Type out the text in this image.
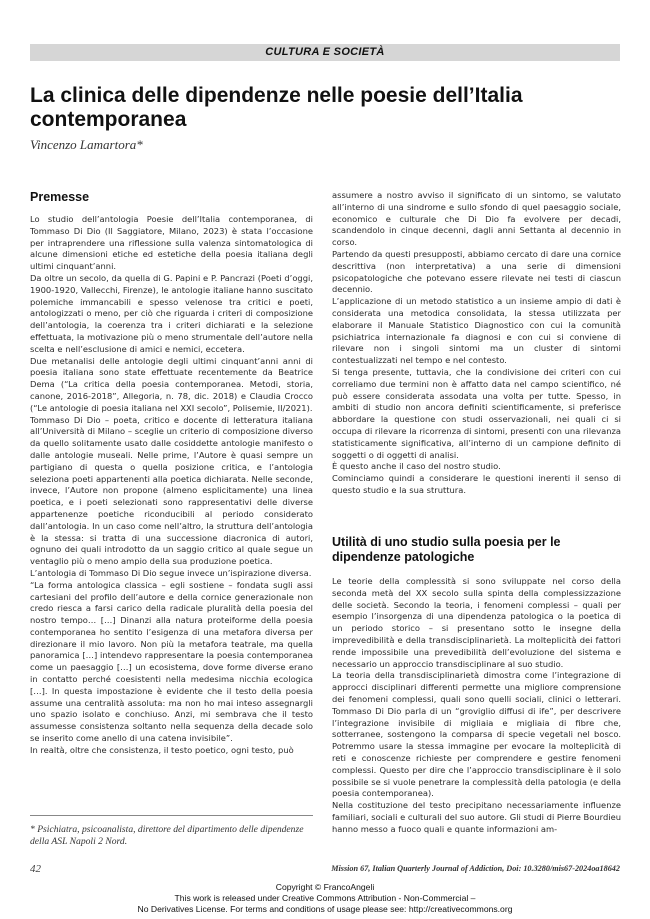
CULTURA E SOCIETÀ
La clinica delle dipendenze nelle poesie dell’Italia contemporanea
Vincenzo Lamartora*
Premesse

Lo studio dell’antologia Poesie dell’Italia contemporanea, di Tommaso Di Dio (Il Saggiatore, Milano, 2023) è stata l’occasione per intraprendere una riflessione sulla valenza sintomatologica di alcune dimensioni etiche ed estetiche della poesia italiana degli ultimi cinquant’anni.

Da oltre un secolo, da quella di G. Papini e P. Pancrazi (Poeti d’oggi, 1900-1920, Vallecchi, Firenze), le antologie italiane hanno suscitato polemiche immancabili e spesso velenose tra critici e poeti, antologizzati o meno, per ciò che riguarda i criteri di composizione dell’antologia, la coerenza tra i criteri dichiarati e la selezione effettuata, la motivazione più o meno strumentale dell’autore nella scelta e nell’esclusione di amici e nemici, eccetera.

Due metanalisi delle antologie degli ultimi cinquant’anni anni di poesia italiana sono state effettuate recentemente da Beatrice Dema (“La critica della poesia contemporanea. Metodi, storia, canone, 2016-2018”, Allegoria, n. 78, dic. 2018) e Claudia Crocco (“Le antologie di poesia italiana nel XXI secolo”, Polisemie, II/2021).

Tommaso Di Dio – poeta, critico e docente di letteratura italiana all’Università di Milano – sceglie un criterio di composizione diverso da quello solitamente usato dalle cosiddette antologie manifesto o dalle antologie museali. Nelle prime, l’Autore è quasi sempre un partigiano di questa o quella posizione critica, e l’antologia seleziona poeti appartenenti alla poetica dichiarata. Nelle seconde, invece, l’Autore non propone (almeno esplicitamente) una linea poetica, e i poeti selezionati sono rappresentativi delle diverse appartenenze poetiche riconducibili al periodo considerato dall’antologia. In un caso come nell’altro, la struttura dell’antologia è la stessa: si tratta di una successione diacronica di autori, ognuno dei quali introdotto da un saggio critico al quale segue un ventaglio più o meno ampio della sua produzione poetica.

L’antologia di Tommaso Di Dio segue invece un’ispirazione diversa.

“La forma antologica classica – egli sostiene – fondata sugli assi cartesiani del profilo dell’autore e della cornice generazionale non credo riesca a farsi carico della radicale pluralità della poesia del nostro tempo… […] Dinanzi alla natura proteiforme della poesia contemporanea ho sentito l’esigenza di una metafora diversa per direzionare il mio lavoro. Non più la metafora teatrale, ma quella panoramica […] intendevo rappresentare la poesia contemporanea come un paesaggio […] un ecosistema, dove forme diverse erano in contatto perché coesistenti nella medesima nicchia ecologica […]. In questa impostazione è evidente che il testo della poesia assume una centralità assoluta: ma non ho mai inteso assegnargli uno spazio isolato e conchiuso. Anzi, mi sembrava che il testo assumesse consistenza soltanto nella sequenza della decade solo se inserito come anello di una catena invisibile”.

In realtà, oltre che consistenza, il testo poetico, ogni testo, può

assumere a nostro avviso il significato di un sintomo, se valutato all’interno di una sindrome e sullo sfondo di quel paesaggio sociale, economico e culturale che Di Dio fa evolvere per decadi, scandendolo in cinque decenni, dagli anni Settanta al decennio in corso.

Partendo da questi presupposti, abbiamo cercato di dare una cornice descrittiva (non interpretativa) a una serie di dimensioni psicopatologiche che potevano essere rilevate nei testi di ciascun decennio.

L’applicazione di un metodo statistico a un insieme ampio di dati è considerata una metodica consolidata, la stessa utilizzata per elaborare il Manuale Statistico Diagnostico con cui la comunità psichiatrica internazionale fa diagnosi e con cui si conviene di rilevare non i singoli sintomi ma un cluster di sintomi contestualizzati nel tempo e nel contesto.

Si tenga presente, tuttavia, che la condivisione dei criteri con cui correliamo due termini non è affatto data nel campo scientifico, né può essere considerata assodata una volta per tutte. Spesso, in ambiti di studio non ancora definiti scientificamente, si preferisce abbordare la questione con studi osservazionali, nei quali ci si occupa di rilevare la ricorrenza di sintomi, presenti con una rilevanza statisticamente significativa, all’interno di un campione definito di soggetti o di oggetti di analisi.

È questo anche il caso del nostro studio.

Cominciamo quindi a considerare le questioni inerenti il senso di questo studio e la sua struttura.

Utilità di uno studio sulla poesia per le dipendenze patologiche

Le teorie della complessità si sono sviluppate nel corso della seconda metà del XX secolo sulla spinta della complessizzazione delle società. Secondo la teoria, i fenomeni complessi – quali per esempio l’insorgenza di una dipendenza patologica o la poetica di un periodo storico – si presentano sotto le insegne della imprevedibilità e della transdisciplinarietà. La molteplicità dei fattori rende impossibile una prevedibilità dell’evoluzione del sistema e necessario un approccio transdisciplinare al suo studio.

La teoria della transdisciplinarietà dimostra come l’integrazione di approcci disciplinari differenti permette una migliore comprensione dei fenomeni complessi, quali sono quelli sociali, clinici o letterari. Tommaso Di Dio parla di un “groviglio diffusi di ife”, per descrivere l’integrazione invisibile di migliaia e migliaia di fibre che, sotterranee, sostengono la comparsa di specie vegetali nel bosco. Potremmo usare la stessa immagine per evocare la molteplicità di reti e conoscenze richieste per comprendere e gestire fenomeni complessi. Questo per dire che l’approccio transdisciplinare è il solo possibile se si vuole penetrare la complessità della patologia (e della poesia contemporanea).

Nella costituzione del testo precipitano necessariamente influenze familiari, sociali e culturali del suo autore. Gli studi di Pierre Bourdieu hanno messo a fuoco quali e quante informazioni am-

* Psichiatra, psicoanalista, direttore del dipartimento delle dipendenze della ASL Napoli 2 Nord.
42	Mission 67, Italian Quarterly Journal of Addiction, Doi: 10.3280/mis67-2024oa18642
Copyright © FrancoAngeli
This work is released under Creative Commons Attribution - Non-Commercial –
No Derivatives License. For terms and conditions of usage please see: http://creativecommons.org
